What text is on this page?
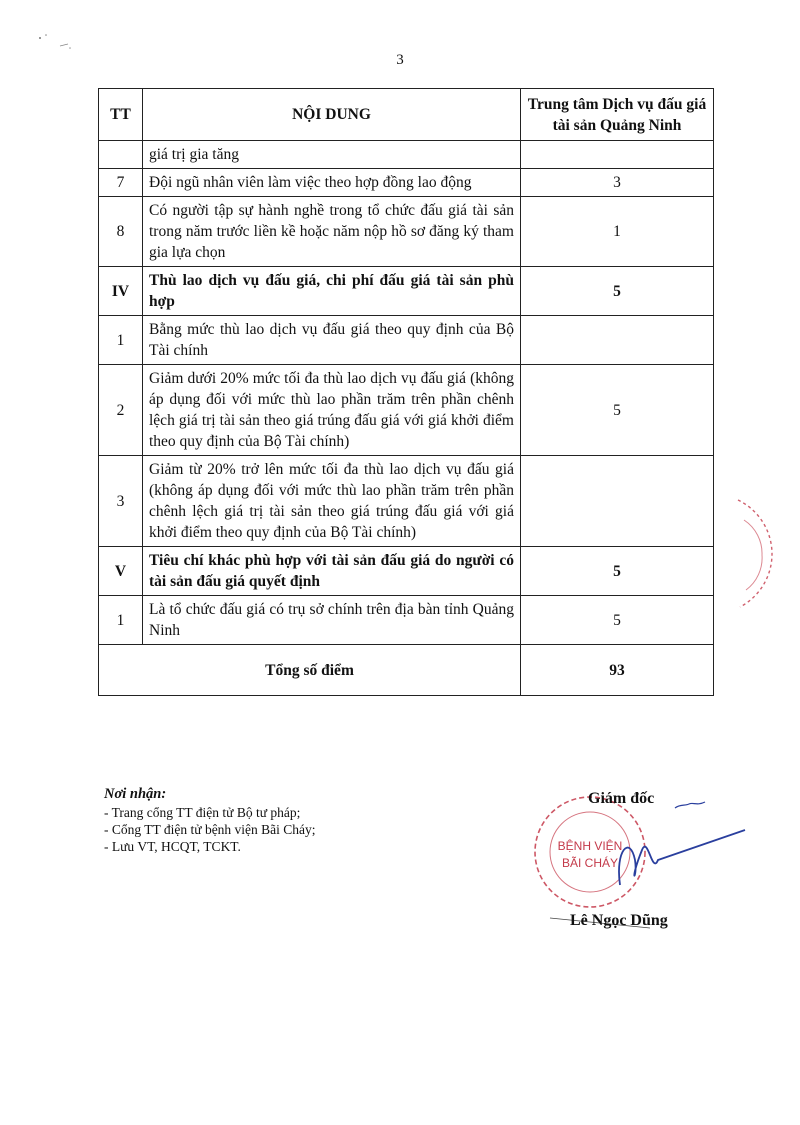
3
TT	NỘI DUNG	Trung tâm Dịch vụ đấu giá tài sản Quảng Ninh
	giá trị gia tăng	
7	Đội ngũ nhân viên làm việc theo hợp đồng lao động	3
8	Có người tập sự hành nghề trong tổ chức đấu giá tài sản trong năm trước liền kề hoặc năm nộp hồ sơ đăng ký tham gia lựa chọn	1
IV	Thù lao dịch vụ đấu giá, chi phí đấu giá tài sản phù hợp	5
1	Bằng mức thù lao dịch vụ đấu giá theo quy định của Bộ Tài chính	
2	Giảm dưới 20% mức tối đa thù lao dịch vụ đấu giá (không áp dụng đối với mức thù lao phần trăm trên phần chênh lệch giá trị tài sản theo giá trúng đấu giá với giá khởi điểm theo quy định của Bộ Tài chính)	5
3	Giảm từ 20% trở lên mức tối đa thù lao dịch vụ đấu giá (không áp dụng đối với mức thù lao phần trăm trên phần chênh lệch giá trị tài sản theo giá trúng đấu giá với giá khởi điểm theo quy định của Bộ Tài chính)	
V	Tiêu chí khác phù hợp với tài sản đấu giá do người có tài sản đấu giá quyết định	5
1	Là tổ chức đấu giá có trụ sở chính trên địa bàn tỉnh Quảng Ninh	5
Tổng số điểm		93
Nơi nhận:
- Trang cổng TT điện tử Bộ tư pháp;
- Cổng TT điện tử bệnh viện Bãi Cháy;
- Lưu VT, HCQT, TCKT.	BỆNH VIỆN
BÃI CHÁY
Giám đốc
Lê Ngọc Dũng
